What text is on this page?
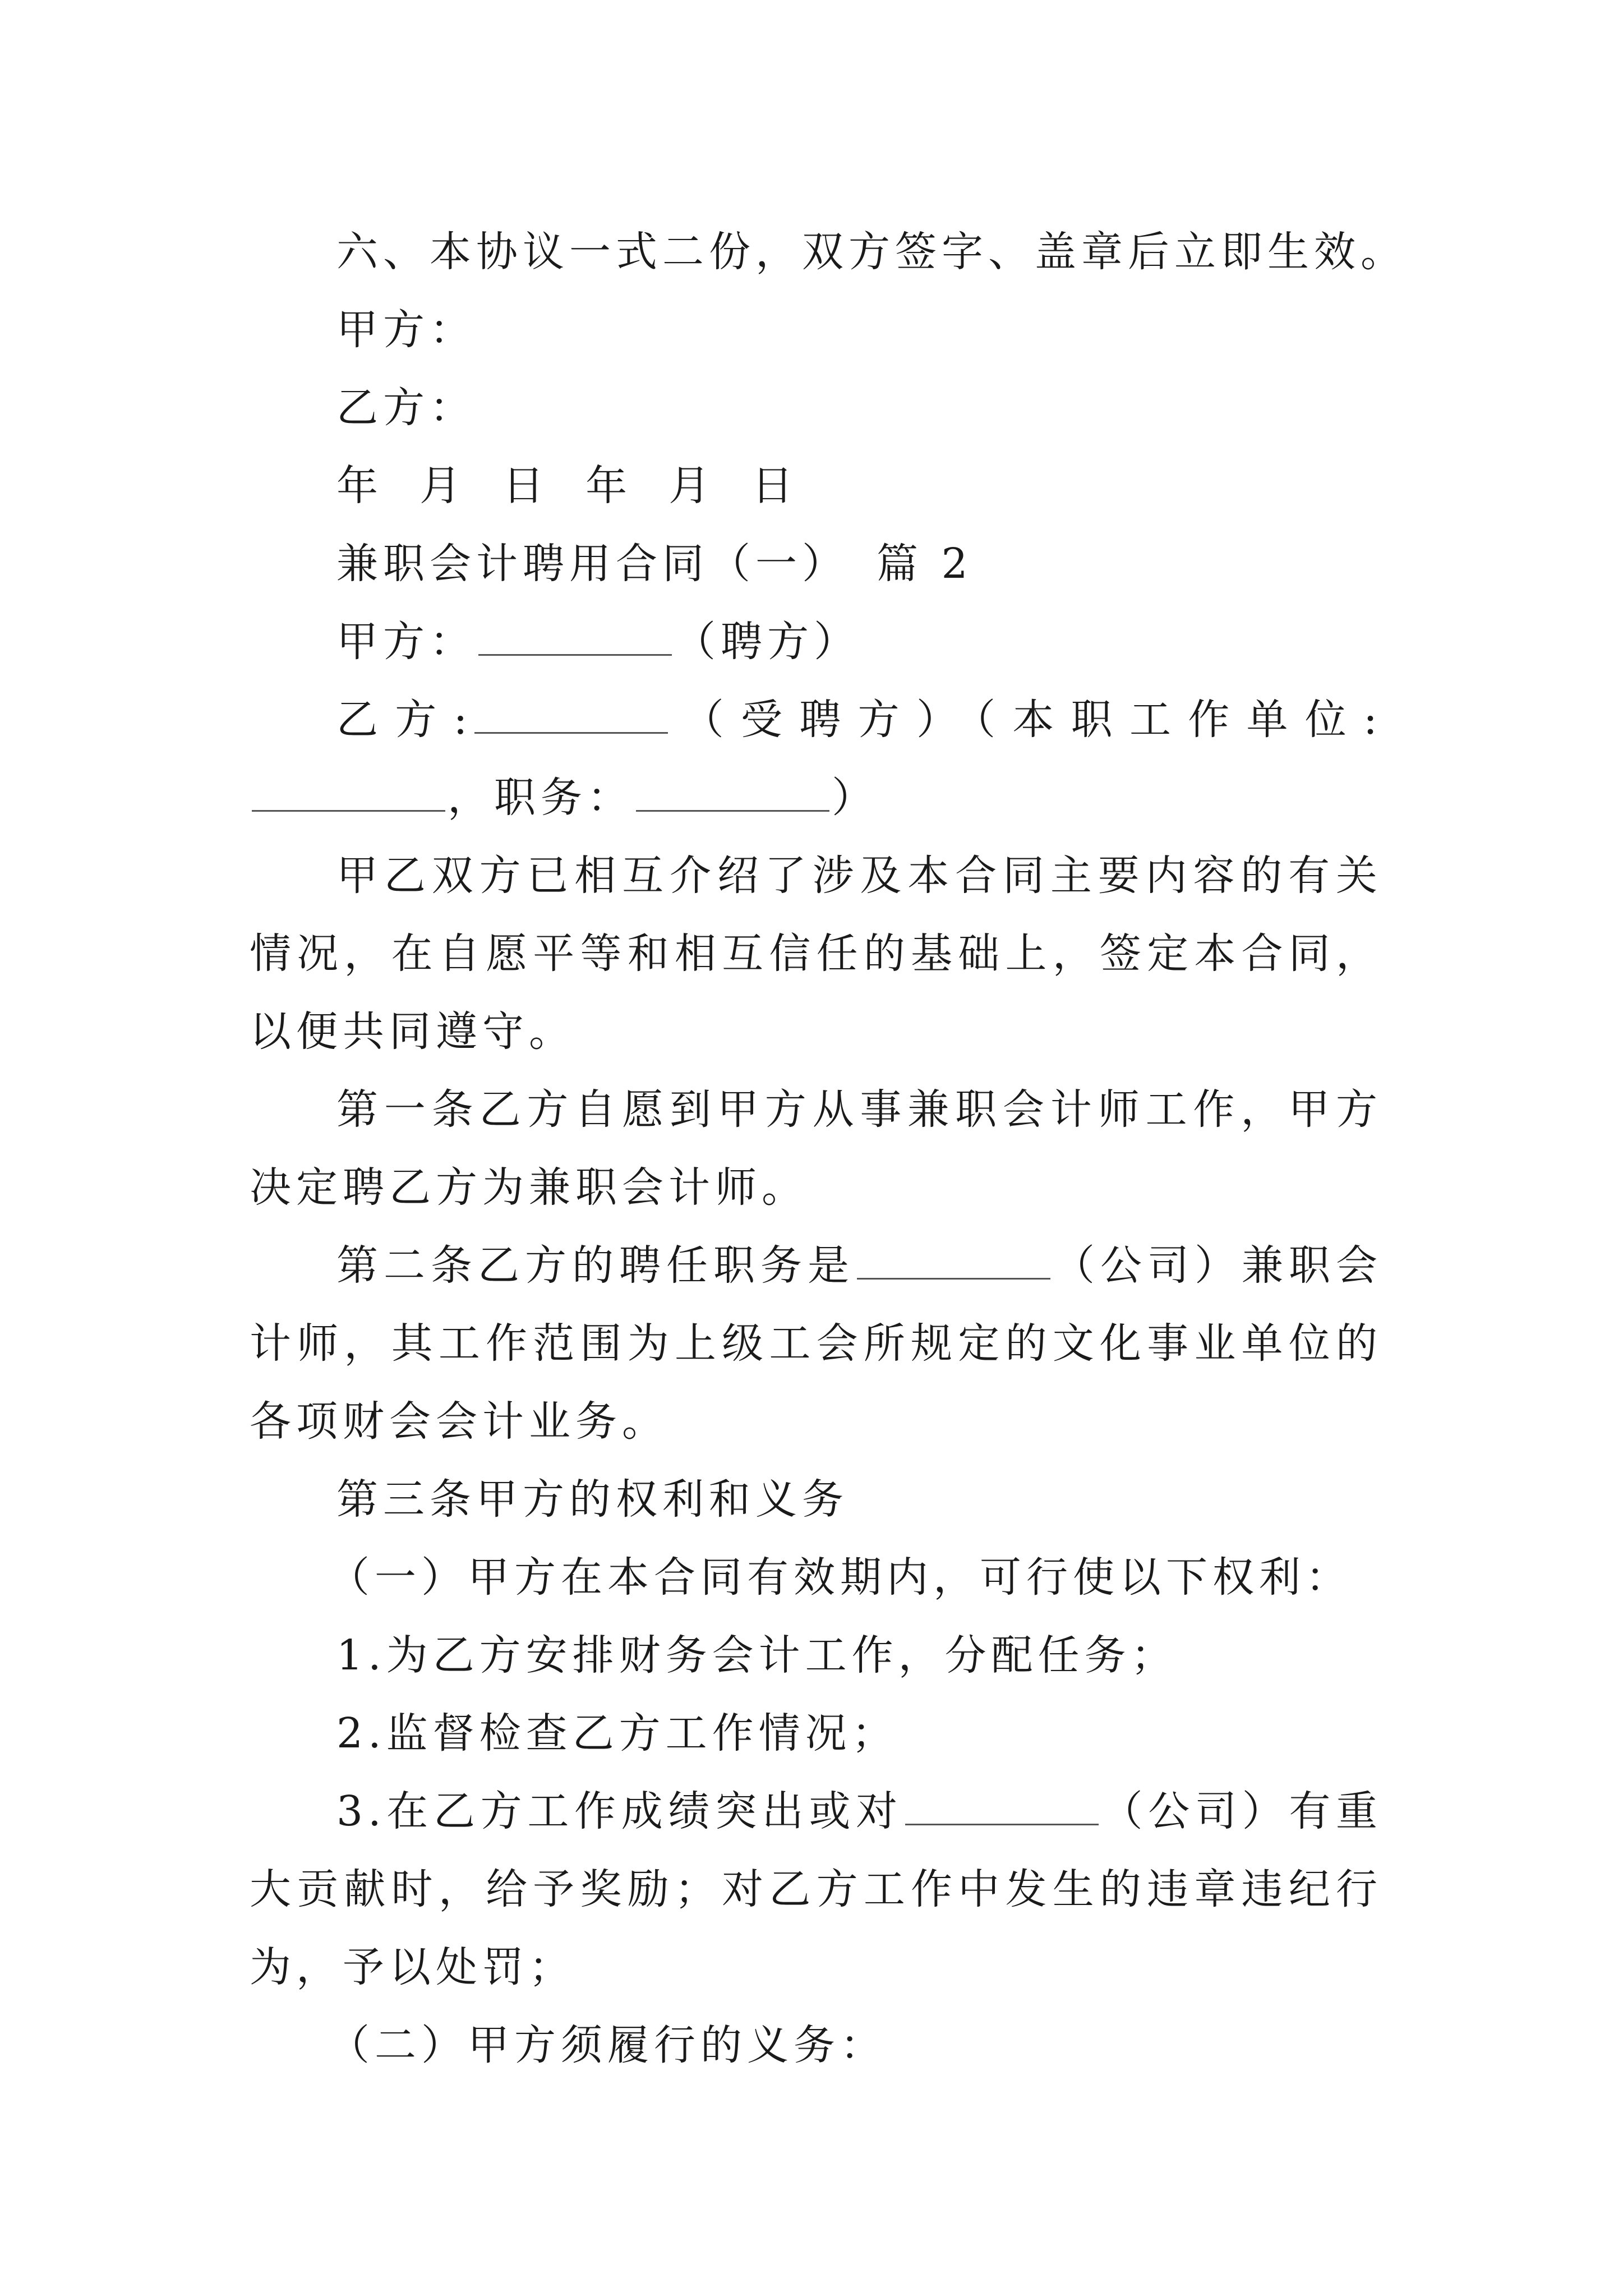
六、本协议一式二份，双方签字、盖章后立即生效。

甲方：

乙方：

年  月  日  年  月  日

兼职会计聘用合同（一） 篇 2

甲方：	（聘方）

乙方:	（受聘方）（本职工作单位:，职务：	）

甲乙双方已相互介绍了涉及本合同主要内容的有关情况，在自愿平等和相互信任的基础上，签定本合同，以便共同遵守。

第一条乙方自愿到甲方从事兼职会计师工作，甲方决定聘乙方为兼职会计师。

第二条乙方的聘任职务是	（公司）兼职会计师，其工作范围为上级工会所规定的文化事业单位的各项财会会计业务。

第三条甲方的权利和义务

（一）甲方在本合同有效期内，可行使以下权利：

1.为乙方安排财务会计工作，分配任务；

2.监督检查乙方工作情况；

3.在乙方工作成绩突出或对	（公司）有重大贡献时，给予奖励；对乙方工作中发生的违章违纪行为，予以处罚；

（二）甲方须履行的义务：
